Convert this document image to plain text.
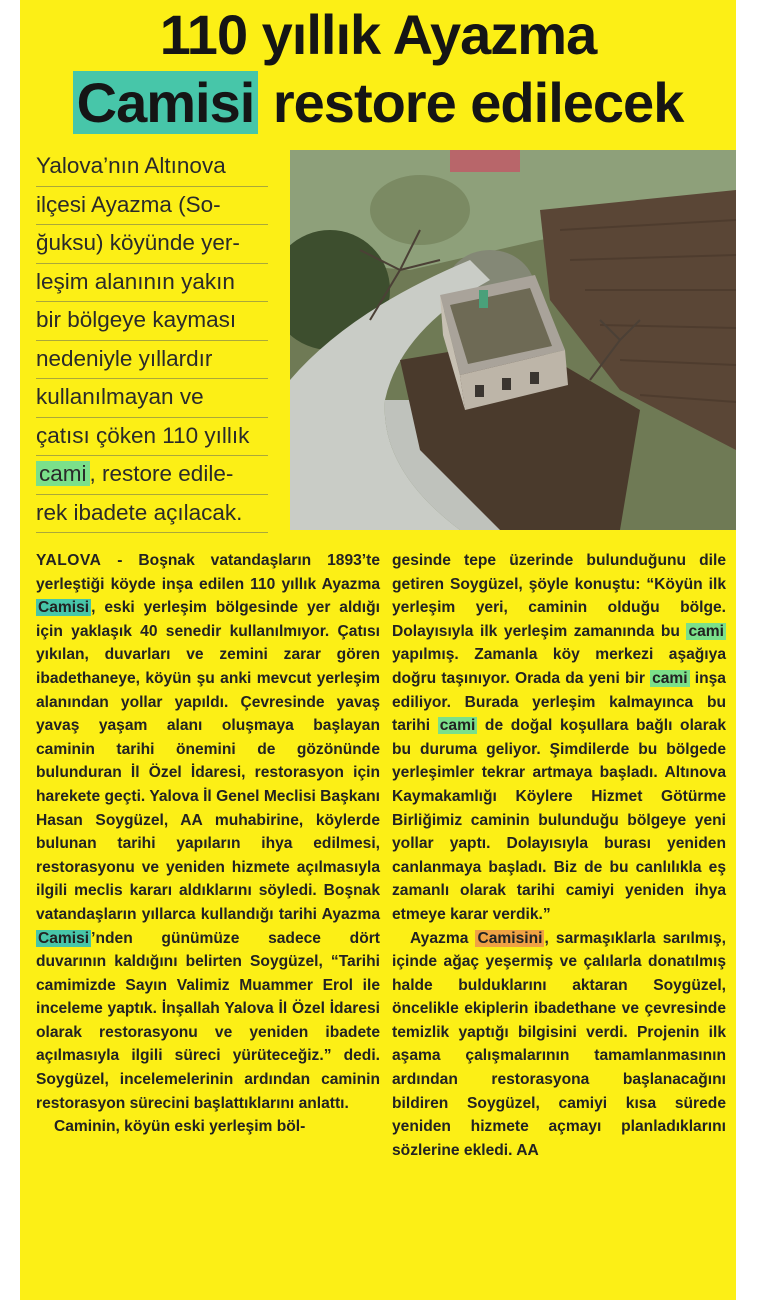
110 yıllık Ayazma
Camisi restore edilecek
Yalova’nın Altınova
ilçesi Ayazma (So-
ğuksu) köyünde yer-
leşim alanının yakın
bir bölgeye kayması
nedeniyle yıllardır
kullanılmayan ve
çatısı çöken 110 yıllık
cami , restore edile-
rek ibadete açılacak.

YALOVA - Boşnak vatandaşların 1893’te yerleştiği köyde inşa edilen 110 yıllık Ayazma Camisi , eski yerleşim bölgesinde yer aldığı için yaklaşık 40 senedir kullanılmıyor. Çatısı yıkılan, duvarları ve zemini zarar gören ibadethaneye, köyün şu anki mevcut yerleşim alanından yollar yapıldı. Çevresinde yavaş yavaş yaşam alanı oluşmaya başlayan caminin tarihi önemini de gözönünde bulunduran İl Özel İdaresi, restorasyon için harekete geçti. Yalova İl Genel Meclisi Başkanı Hasan Soygüzel, AA muhabirine, köylerde bulunan tarihi yapıların ihya edilmesi, restorasyonu ve yeniden hizmete açılmasıyla ilgili meclis kararı aldıklarını söyledi. Boşnak vatandaşların yıllarca kullandığı tarihi Ayazma Camisi ’nden günümüze sadece dört duvarının kaldığını belirten Soygüzel, “Tarihi camimizde Sayın Valimiz Muammer Erol ile inceleme yaptık. İnşallah Yalova İl Özel İdaresi olarak restorasyonu ve yeniden ibadete açılmasıyla ilgili süreci yürüteceğiz.” dedi. Soygüzel, incelemelerinin ardından caminin restorasyon sürecini başlattıklarını anlattı.

Caminin, köyün eski yerleşim böl-

gesinde tepe üzerinde bulunduğunu dile getiren Soygüzel, şöyle konuştu: “Köyün ilk yerleşim yeri, caminin olduğu bölge. Dolayısıyla ilk yerleşim zamanında bu cami yapılmış. Zamanla köy merkezi aşağıya doğru taşınıyor. Orada da yeni bir cami inşa ediliyor. Burada yerleşim kalmayınca bu tarihi cami de doğal koşullara bağlı olarak bu duruma geliyor. Şimdilerde bu bölgede yerleşimler tekrar artmaya başladı. Altınova Kaymakamlığı Köylere Hizmet Götürme Birliğimiz caminin bulunduğu bölgeye yeni yollar yaptı. Dolayısıyla burası yeniden canlanmaya başladı. Biz de bu canlılıkla eş zamanlı olarak tarihi camiyi yeniden ihya etmeye karar verdik.”

Ayazma Camisini , sarmaşıklarla sarılmış, içinde ağaç yeşermiş ve çalılarla donatılmış halde bulduklarını aktaran Soygüzel, öncelikle ekiplerin ibadethane ve çevresinde temizlik yaptığı bilgisini verdi. Projenin ilk aşama çalışmalarının tamamlanmasının ardından restorasyona başlanacağını bildiren Soygüzel, camiyi kısa sürede yeniden hizmete açmayı planladıklarını sözlerine ekledi. AA
